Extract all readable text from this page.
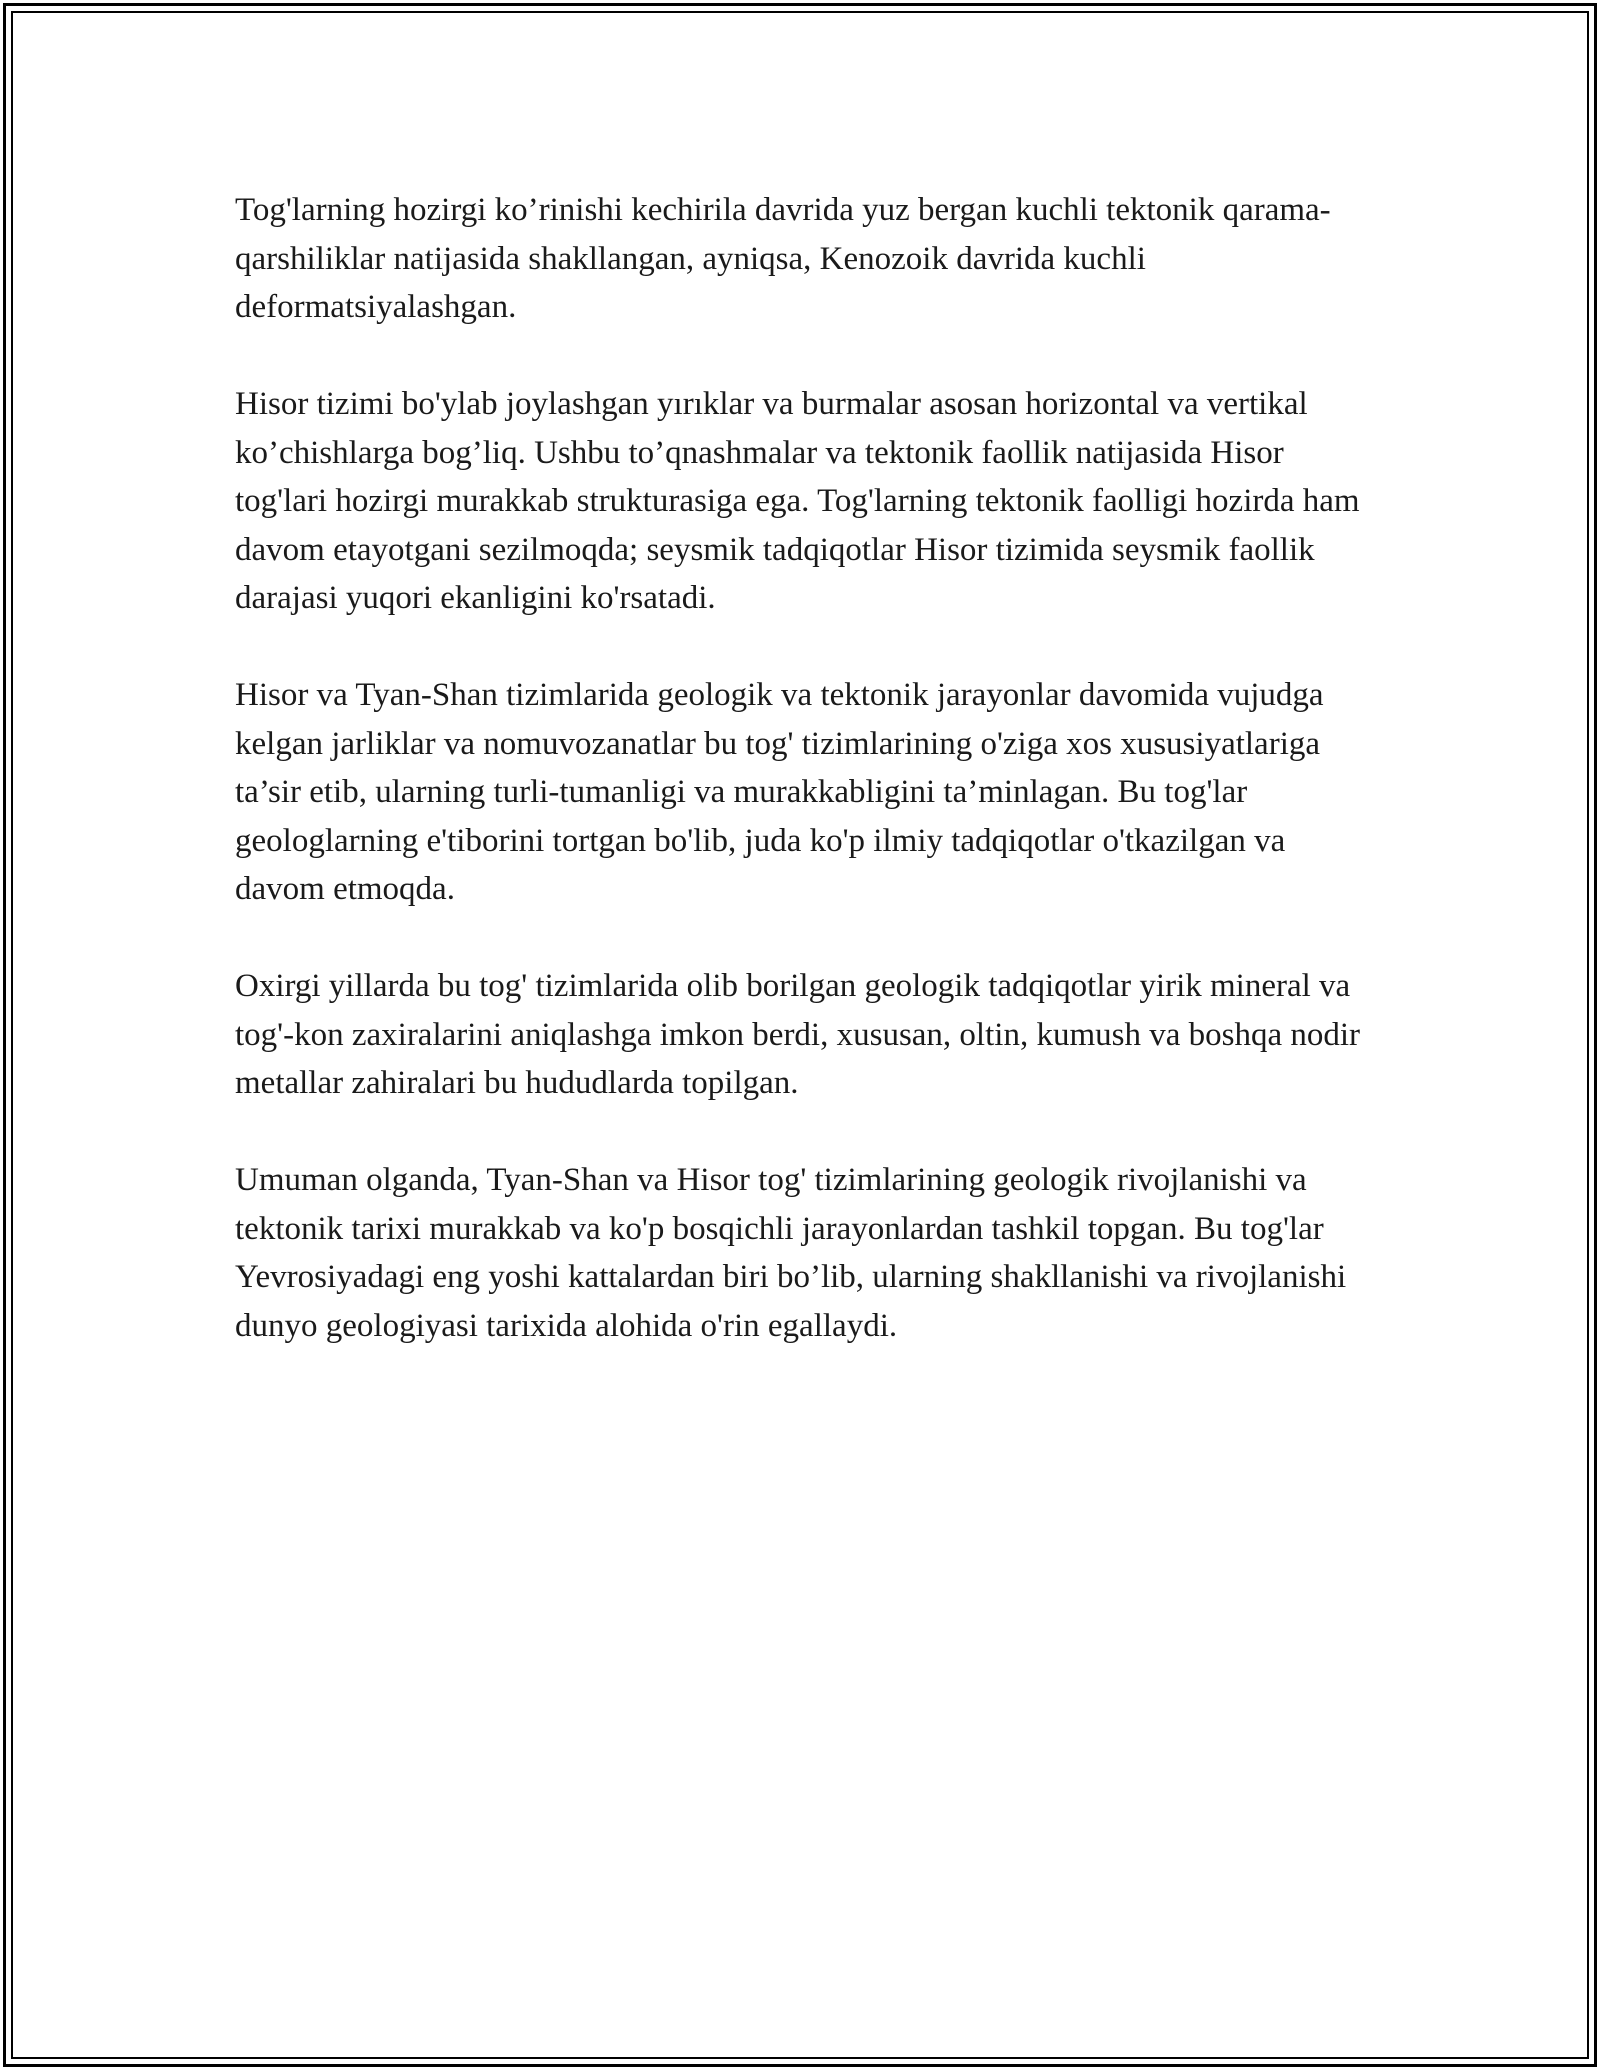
Tog'larning hozirgi ko’rinishi kechirila davrida yuz bergan kuchli tektonik qarama-qarshiliklar natijasida shakllangan, ayniqsa, Kenozoik davrida kuchli deformatsiyalashgan.

Hisor tizimi bo'ylab joylashgan yırıklar va burmalar asosan horizontal va vertikal ko’chishlarga bog’liq. Ushbu to’qnashmalar va tektonik faollik natijasida Hisor tog'lari hozirgi murakkab strukturasiga ega. Tog'larning tektonik faolligi hozirda ham davom etayotgani sezilmoqda; seysmik tadqiqotlar Hisor tizimida seysmik faollik darajasi yuqori ekanligini ko'rsatadi.

Hisor va Tyan-Shan tizimlarida geologik va tektonik jarayonlar davomida vujudga kelgan jarliklar va nomuvozanatlar bu tog' tizimlarining o'ziga xos xususiyatlariga ta’sir etib, ularning turli-tumanligi va murakkabligini ta’minlagan. Bu tog'lar geologlarning e'tiborini tortgan bo'lib, juda ko'p ilmiy tadqiqotlar o'tkazilgan va davom etmoqda.

Oxirgi yillarda bu tog' tizimlarida olib borilgan geologik tadqiqotlar yirik mineral va tog'-kon zaxiralarini aniqlashga imkon berdi, xususan, oltin, kumush va boshqa nodir metallar zahiralari bu hududlarda topilgan.

Umuman olganda, Tyan-Shan va Hisor tog' tizimlarining geologik rivojlanishi va tektonik tarixi murakkab va ko'p bosqichli jarayonlardan tashkil topgan. Bu tog'lar Yevrosiyadagi eng yoshi kattalardan biri bo’lib, ularning shakllanishi va rivojlanishi dunyo geologiyasi tarixida alohida o'rin egallaydi.
